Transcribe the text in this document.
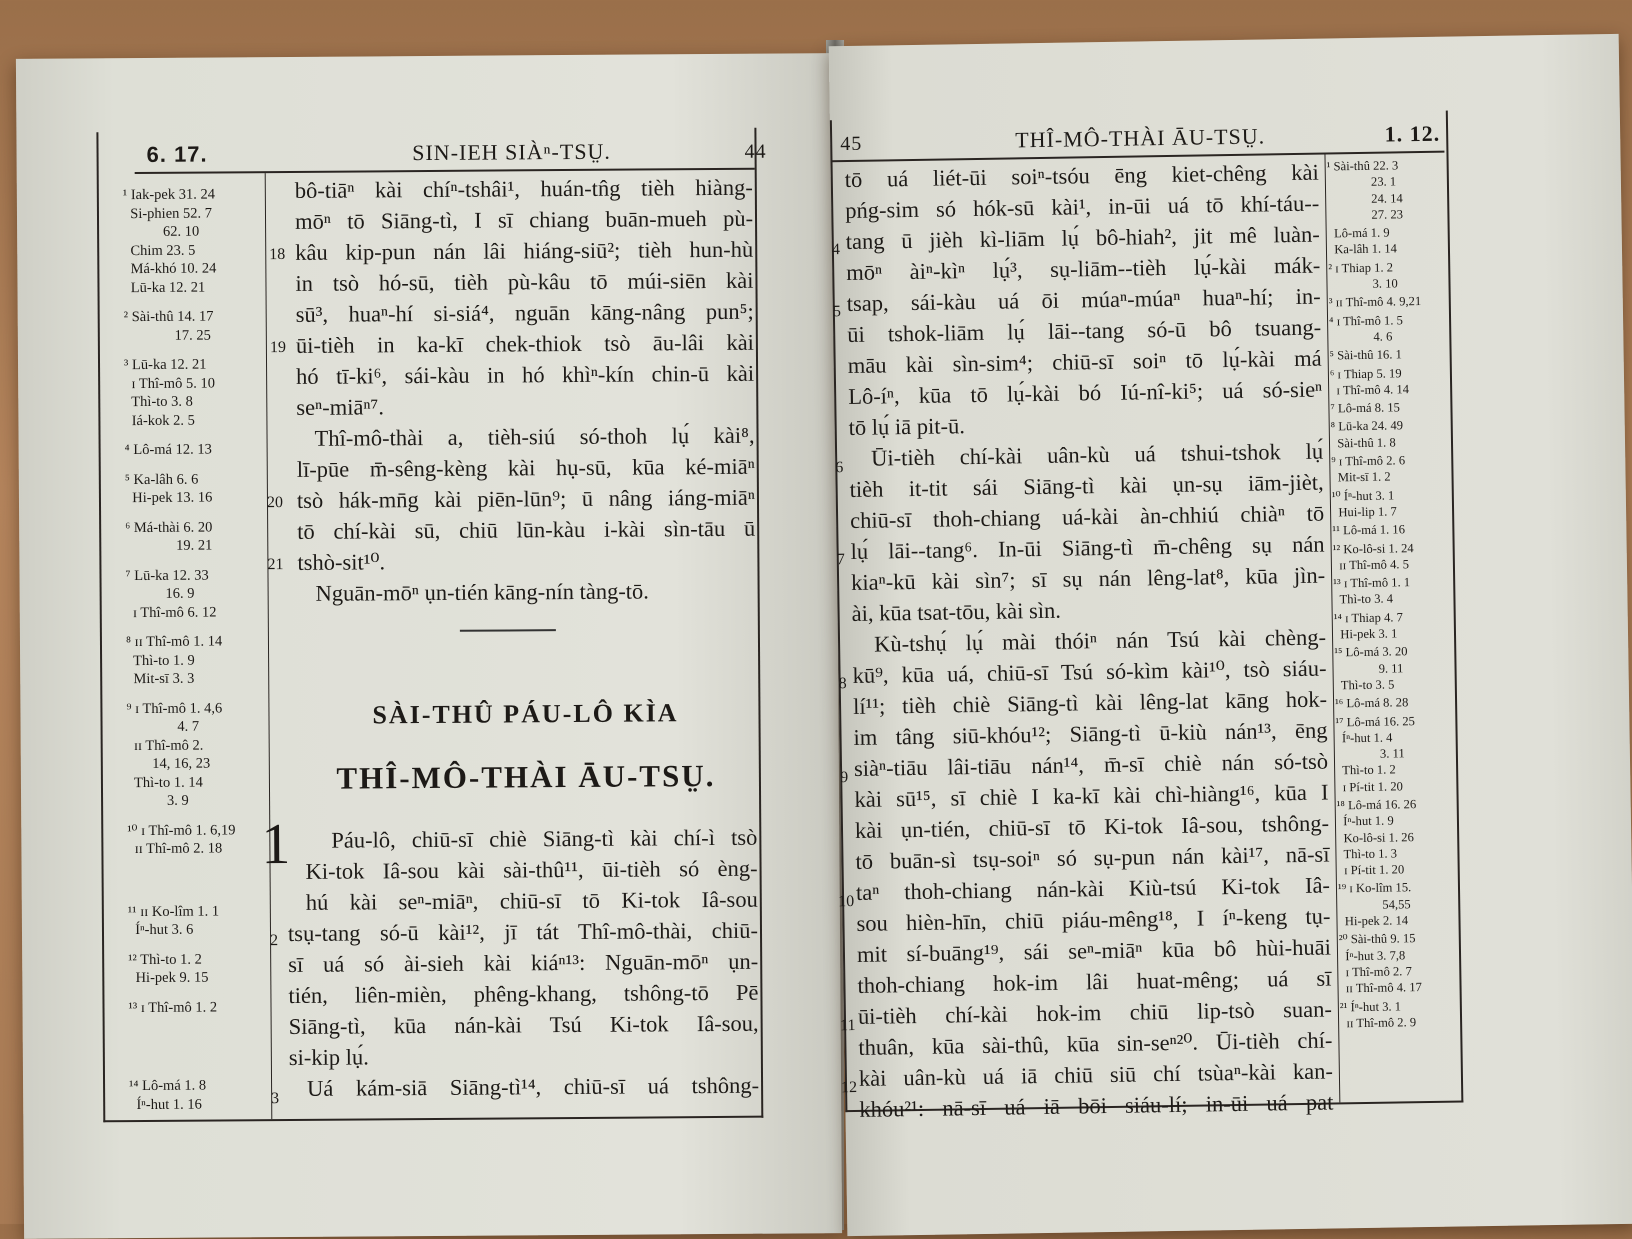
6. 17.	SIN-IEH SIÀⁿ-TSṲ.	44
¹ Iak-pek 31. 24
Si-phien 52. 7
62. 10
Chim 23. 5
Má-khó 10. 24
Lū-ka 12. 21
² Sài-thû 14. 17
17. 25
³ Lū-ka 12. 21
ɪ Thî-mô 5. 10
Thì-to 3. 8
Iá-kok 2. 5
⁴ Lô-má 12. 13
⁵ Ka-lâh 6. 6
Hi-pek 13. 16
⁶ Má-thài 6. 20
19. 21
⁷ Lū-ka 12. 33
16. 9
ɪ Thî-mô 6. 12
⁸ ɪɪ Thî-mô 1. 14
Thì-to 1. 9
Mit-sī 3. 3
⁹ ɪ Thî-mô 1. 4,6
4. 7
ɪɪ Thî-mô 2.
14, 16, 23
Thì-to 1. 14
3. 9
¹⁰ ɪ Thî-mô 1. 6,19
ɪɪ Thî-mô 2. 18
¹¹ ɪɪ Ko-lîm 1. 1
Íⁿ-hut 3. 6
¹² Thì-to 1. 2
Hi-pek 9. 15
¹³ ɪ Thî-mô 1. 2
¹⁴ Lô-má 1. 8
Íⁿ-hut 1. 16
bô-tiāⁿ kài chíⁿ-tshâi¹, huán-tn̂g tièh hiàng-
mōⁿ tō Siāng-tì, I sī chiang buān-mueh pù-
kâu kip-pun nán lâi hiáng-siū²; tièh hun-hù
in tsò hó-sū, tièh pù-kâu tō múi-siēn kài
sū³, huaⁿ-hí si-siá⁴, nguān kāng-nâng pun⁵;
ūi-tièh in ka-kī chek-thiok tsò āu-lâi kài
hó tī-ki⁶, sái-kàu in hó khìⁿ-kín chin-ū kài
seⁿ-miāⁿ⁷.
Thî-mô-thài a, tièh-siú só-thoh lụ́ kài⁸,
lī-pūe m̄-sêng-kèng kài hụ-sū, kūa ké-miāⁿ
tsò hák-mn̄g kài piēn-lūn⁹; ū nâng iáng-miāⁿ
tō chí-kài sū, chiū lūn-kàu i-kài sìn-tāu ū
tshò-sit¹⁰.
Nguān-mōⁿ ụn-tién kāng-nín tàng-tō.
18
19
20
21
SÀI-THÛ PÁU-LÔ KÌA
THÎ-MÔ-THÀI ĀU-TSṲ.
1	Páu-lô, chiū-sī chiè Siāng-tì kài chí-ì tsò
Ki-tok Iâ-sou kài sài-thû¹¹, ūi-tièh só èng-
hú kài seⁿ-miāⁿ, chiū-sī tō Ki-tok Iâ-sou
tsụ-tang só-ū kài¹², jī tát Thî-mô-thài, chiū-
sī uá só ài-sieh kài kiáⁿ¹³: Nguān-mōⁿ ụn-
tién, liên-mièn, phêng-khang, tshông-tō Pē
Siāng-tì, kūa nán-kài Tsú Ki-tok Iâ-sou,
si-kip lụ́.
Uá kám-siā Siāng-tì¹⁴, chiū-sī uá tshông-
2
3
45	THÎ-MÔ-THÀI ĀU-TSṲ.	1. 12.
tō uá liét-ūi soiⁿ-tsóu ēng kiet-chêng kài
pńg-sim só hók-sū kài¹, in-ūi uá tō khí-táu--
tang ū jièh kì-liām lụ́ bô-hiah², jit mê luàn-
mōⁿ àiⁿ-kìⁿ lụ́³, sụ-liām--tièh lụ́-kài mák-
tsap, sái-kàu uá ōi múaⁿ-múaⁿ huaⁿ-hí; in-
ūi tshok-liām lụ́ lāi--tang só-ū bô tsuang-
māu kài sìn-sim⁴; chiū-sī soiⁿ tō lụ́-kài má
Lô-íⁿ, kūa tō lụ́-kài bó Iú-nî-ki⁵; uá só-sieⁿ
tō lụ́ iā pit-ū.
Ūi-tièh chí-kài uân-kù uá tshui-tshok lụ́
tièh it-tit sái Siāng-tì kài ụn-sụ iām-jièt,
chiū-sī thoh-chiang uá-kài àn-chhiú chiàⁿ tō
lụ́ lāi--tang⁶. In-ūi Siāng-tì m̄-chêng sụ nán
kiaⁿ-kū kài sìn⁷; sī sụ nán lêng-lat⁸, kūa jìn-
ài, kūa tsat-tōu, kài sìn.
Kù-tshụ́ lụ́ mài thóiⁿ nán Tsú kài chèng-
kū⁹, kūa uá, chiū-sī Tsú só-kìm kài¹⁰, tsò siáu-
lí¹¹; tièh chiè Siāng-tì kài lêng-lat kāng hok-
im tâng siū-khóu¹²; Siāng-tì ū-kiù nán¹³, ēng
siàⁿ-tiāu lâi-tiāu nán¹⁴, m̄-sī chiè nán só-tsò
kài sū¹⁵, sī chiè I ka-kī kài chì-hiàng¹⁶, kūa I
kài ụn-tién, chiū-sī tō Ki-tok Iâ-sou, tshông-
tō buān-sì tsụ-soiⁿ só sụ-pun nán kài¹⁷, nā-sī
taⁿ thoh-chiang nán-kài Kiù-tsú Ki-tok Iâ-
sou hièn-hīn, chiū piáu-mêng¹⁸, I íⁿ-keng tụ-
mit sí-buāng¹⁹, sái seⁿ-miāⁿ kūa bô hùi-huāi
thoh-chiang hok-im lâi huat-mêng; uá sī
ūi-tièh chí-kài hok-im chiū lip-tsò suan-
thuân, kūa sài-thû, kūa sin-seⁿ²⁰. Ūi-tièh chí-
kài uân-kù uá iā chiū siū chí tsùaⁿ-kài kan-
khóu²¹: nā-sī uá iā bōi siáu-lí; in-ūi uá pat
4
5
6
7
8
9
10
11
12
¹ Sài-thû 22. 3
23. 1
24. 14
27. 23
Lô-má 1. 9
Ka-lâh 1. 14
² ɪ Thiap 1. 2
3. 10
³ ɪɪ Thî-mô 4. 9,21
⁴ ɪ Thî-mô 1. 5
4. 6
⁵ Sài-thû 16. 1
⁶ ɪ Thiap 5. 19
ɪ Thî-mô 4. 14
⁷ Lô-má 8. 15
⁸ Lū-ka 24. 49
Sài-thû 1. 8
⁹ ɪ Thî-mô 2. 6
Mit-sī 1. 2
¹⁰ Íⁿ-hut 3. 1
Hui-lip 1. 7
¹¹ Lô-má 1. 16
¹² Ko-lô-si 1. 24
ɪɪ Thî-mô 4. 5
¹³ ɪ Thî-mô 1. 1
Thì-to 3. 4
¹⁴ ɪ Thiap 4. 7
Hi-pek 3. 1
¹⁵ Lô-má 3. 20
9. 11
Thì-to 3. 5
¹⁶ Lô-má 8. 28
¹⁷ Lô-má 16. 25
Íⁿ-hut 1. 4
3. 11
Thì-to 1. 2
ɪ Pí-tit 1. 20
¹⁸ Lô-má 16. 26
Íⁿ-hut 1. 9
Ko-lô-si 1. 26
Thì-to 1. 3
ɪ Pí-tit 1. 20
¹⁹ ɪ Ko-lîm 15.
54,55
Hi-pek 2. 14
²⁰ Sài-thû 9. 15
Íⁿ-hut 3. 7,8
ɪ Thî-mô 2. 7
ɪɪ Thî-mô 4. 17
²¹ Íⁿ-hut 3. 1
ɪɪ Thî-mô 2. 9
